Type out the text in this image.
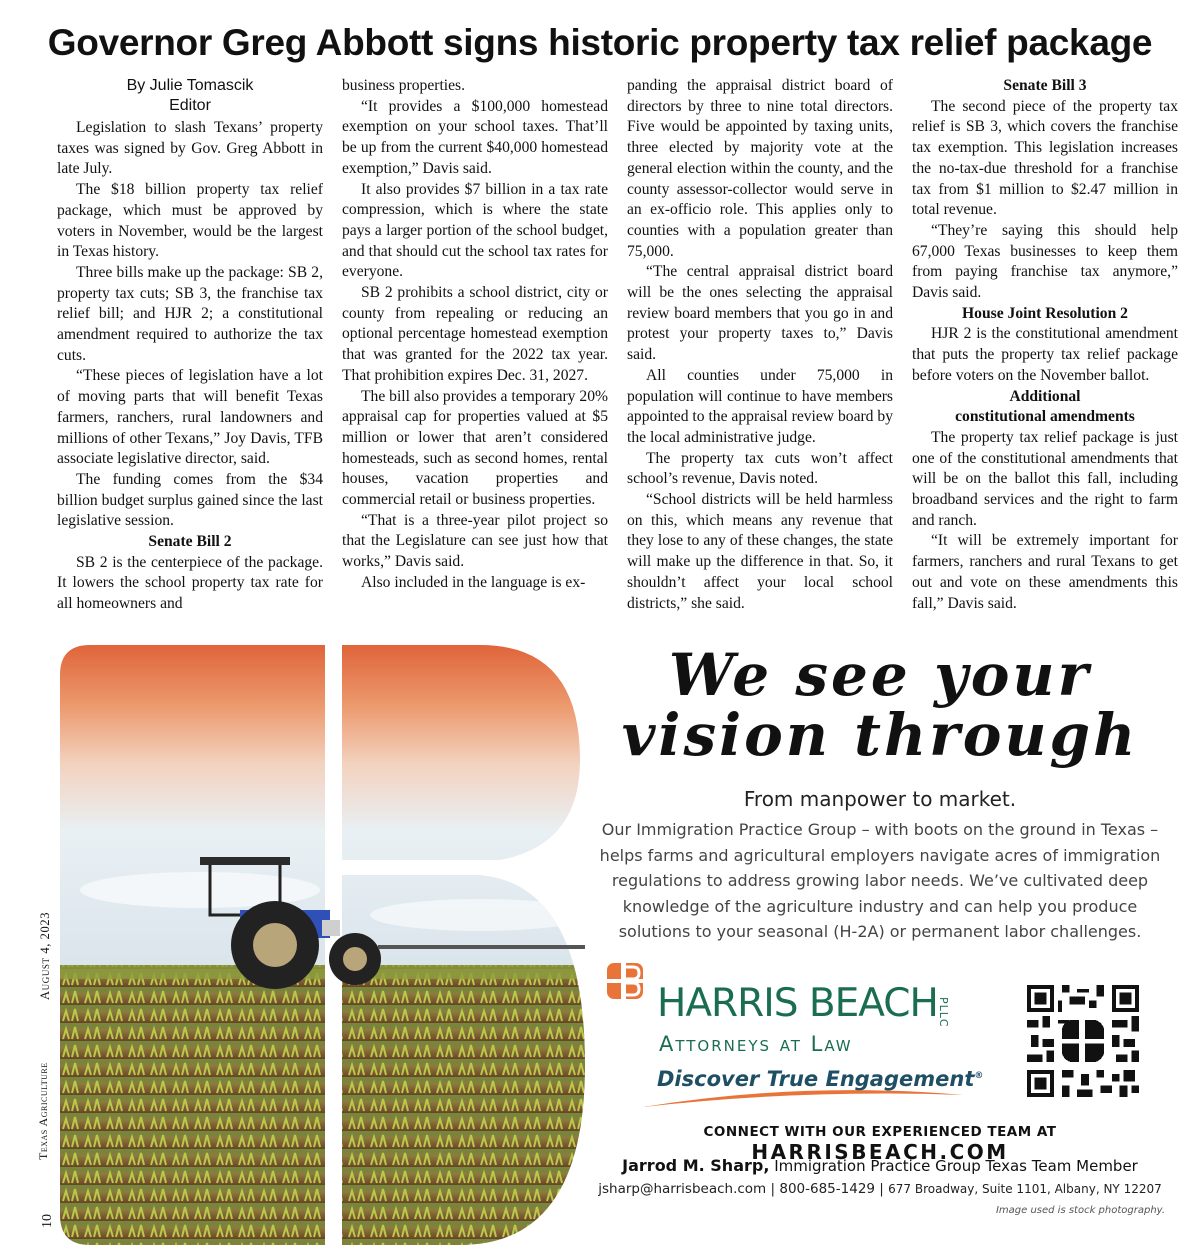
Governor Greg Abbott signs historic property tax relief package
By Julie Tomascik
Editor

Legislation to slash Texans’ property taxes was signed by Gov. Greg Abbott in late July.

The $18 billion property tax relief package, which must be approved by voters in November, would be the largest in Texas history.

Three bills make up the package: SB 2, property tax cuts; SB 3, the franchise tax relief bill; and HJR 2; a constitutional amendment required to authorize the tax cuts.

“These pieces of legislation have a lot of moving parts that will benefit Texas farmers, ranchers, rural landowners and millions of other Texans,” Joy Davis, TFB associate legislative director, said.

The funding comes from the $34 billion budget surplus gained since the last legislative session.

Senate Bill 2

SB 2 is the centerpiece of the package. It lowers the school property tax rate for all homeowners and

business properties.

“It provides a $100,000 homestead exemption on your school taxes. That’ll be up from the current $40,000 homestead exemption,” Davis said.

It also provides $7 billion in a tax rate compression, which is where the state pays a larger portion of the school budget, and that should cut the school tax rates for everyone.

SB 2 prohibits a school district, city or county from repealing or reducing an optional percentage homestead exemption that was granted for the 2022 tax year. That prohibition expires Dec. 31, 2027.

The bill also provides a temporary 20% appraisal cap for properties valued at $5 million or lower that aren’t considered homesteads, such as second homes, rental houses, vacation properties and commercial retail or business properties.

“That is a three-year pilot project so that the Legislature can see just how that works,” Davis said.

Also included in the language is ex-

panding the appraisal district board of directors by three to nine total directors. Five would be appointed by taxing units, three elected by majority vote at the general election within the county, and the county assessor-collector would serve in an ex-officio role. This applies only to counties with a population greater than 75,000.

“The central appraisal district board will be the ones selecting the appraisal review board members that you go in and protest your property taxes to,” Davis said.

All counties under 75,000 in population will continue to have members appointed to the appraisal review board by the local administrative judge.

The property tax cuts won’t affect school’s revenue, Davis noted.

“School districts will be held harmless on this, which means any revenue that they lose to any of these changes, the state will make up the difference in that. So, it shouldn’t affect your local school districts,” she said.

Senate Bill 3

The second piece of the property tax relief is SB 3, which covers the franchise tax exemption. This legislation increases the no-tax-due threshold for a franchise tax from $1 million to $2.47 million in total revenue.

“They’re saying this should help 67,000 Texas businesses to keep them from paying franchise tax anymore,” Davis said.

House Joint Resolution 2

HJR 2 is the constitutional amendment that puts the property tax relief package before voters on the November ballot.

Additional
constitutional amendments

The property tax relief package is just one of the constitutional amendments that will be on the ballot this fall, including broadband services and the right to farm and ranch.

“It will be extremely important for farmers, ranchers and rural Texans to get out and vote on these amendments this fall,” Davis said.

August 4, 2023
Texas Agriculture
10
We see your
vision through
From manpower to market.
Our Immigration Practice Group – with boots on the ground in Texas –
helps farms and agricultural employers navigate acres of immigration
regulations to address growing labor needs. We’ve cultivated deep
knowledge of the agriculture industry and can help you produce
solutions to your seasonal (H-2A) or permanent labor challenges.
HARRIS BEACH PLLC
Attorneys at Law
Discover True Engagement®
CONNECT WITH OUR EXPERIENCED TEAM AT HARRISBEACH.COM
Jarrod M. Sharp, Immigration Practice Group Texas Team Member
jsharp@harrisbeach.com | 800-685-1429 | 677 Broadway, Suite 1101, Albany, NY 12207
Image used is stock photography.
